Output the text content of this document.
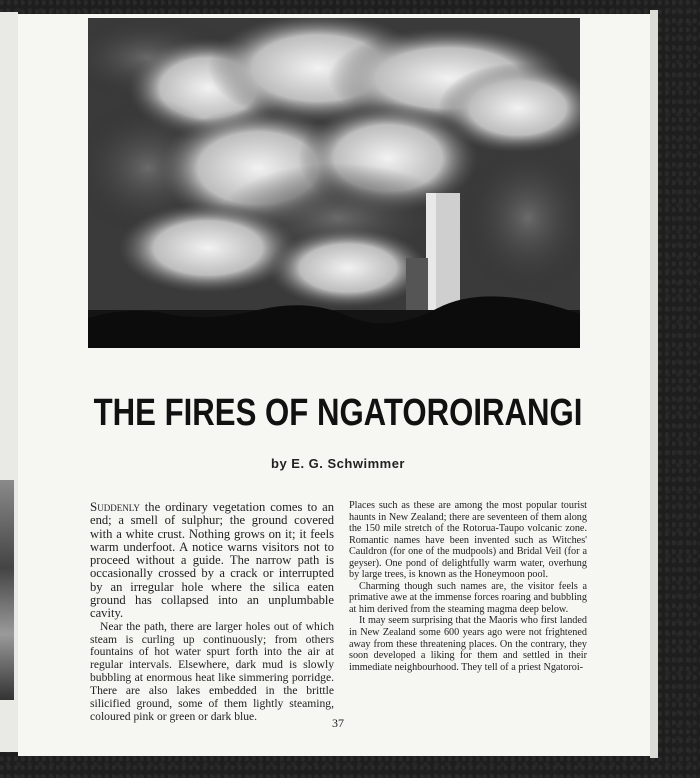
THE FIRES OF NGATOROIRANGI
by E. G. Schwimmer

Suddenly the ordinary vegetation comes to an end; a smell of sulphur; the ground covered with a white crust. Nothing grows on it; it feels warm underfoot. A notice warns visitors not to proceed without a guide. The narrow path is occasionally crossed by a crack or interrupted by an irregular hole where the silica eaten ground has collapsed into an unplumbable cavity.

Near the path, there are larger holes out of which steam is curling up continuously; from others fountains of hot water spurt forth into the air at regular intervals. Elsewhere, dark mud is slowly bubbling at enormous heat like simmering porridge. There are also lakes embedded in the brittle silicified ground, some of them lightly steaming, coloured pink or green or dark blue.

Places such as these are among the most popular tourist haunts in New Zealand; there are seventeen of them along the 150 mile stretch of the Rotorua-Taupo volcanic zone. Romantic names have been invented such as Witches' Cauldron (for one of the mudpools) and Bridal Veil (for a geyser). One pond of delightfully warm water, overhung by large trees, is known as the Honeymoon pool.

Charming though such names are, the visitor feels a primative awe at the immense forces roaring and bubbling at him derived from the steaming magma deep below.

It may seem surprising that the Maoris who first landed in New Zealand some 600 years ago were not frightened away from these threatening places. On the contrary, they soon developed a liking for them and settled in their immediate neighbourhood. They tell of a priest Ngatoroi-

37
